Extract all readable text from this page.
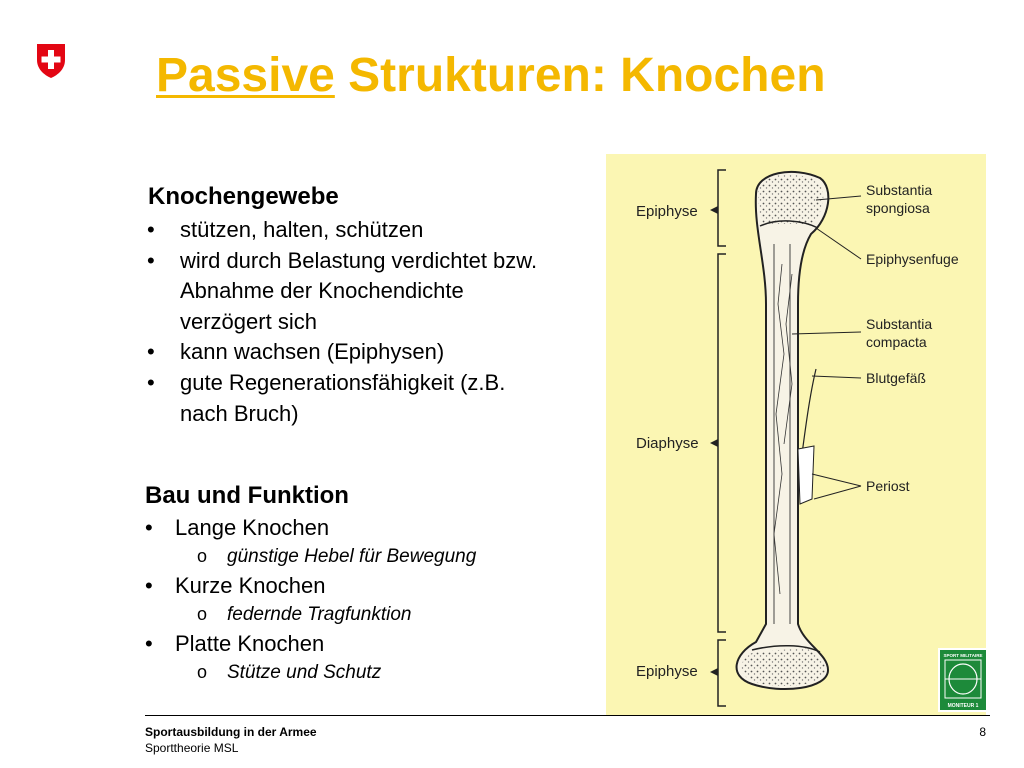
Passive Strukturen: Knochen
Knochengewebe
• stützen, halten, schützen
• wird durch Belastung verdichtet bzw. Abnahme der Knochendichte verzögert sich
• kann wachsen (Epiphysen)
• gute Regenerationsfähigkeit (z.B. nach Bruch)
Bau und Funktion
• Lange Knochen
o günstige Hebel für Bewegung
• Kurze Knochen
o federnde Tragfunktion
• Platte Knochen
o Stütze und Schutz
Epiphyse
Diaphyse
Epiphyse
Substantia
spongiosa
Epiphysenfuge
Substantia
compacta
Blutgefäß
Periost
SPORT MILITAIRE
MONITEUR 1
Sportausbildung in der Armee
Sporttheorie MSL
8
